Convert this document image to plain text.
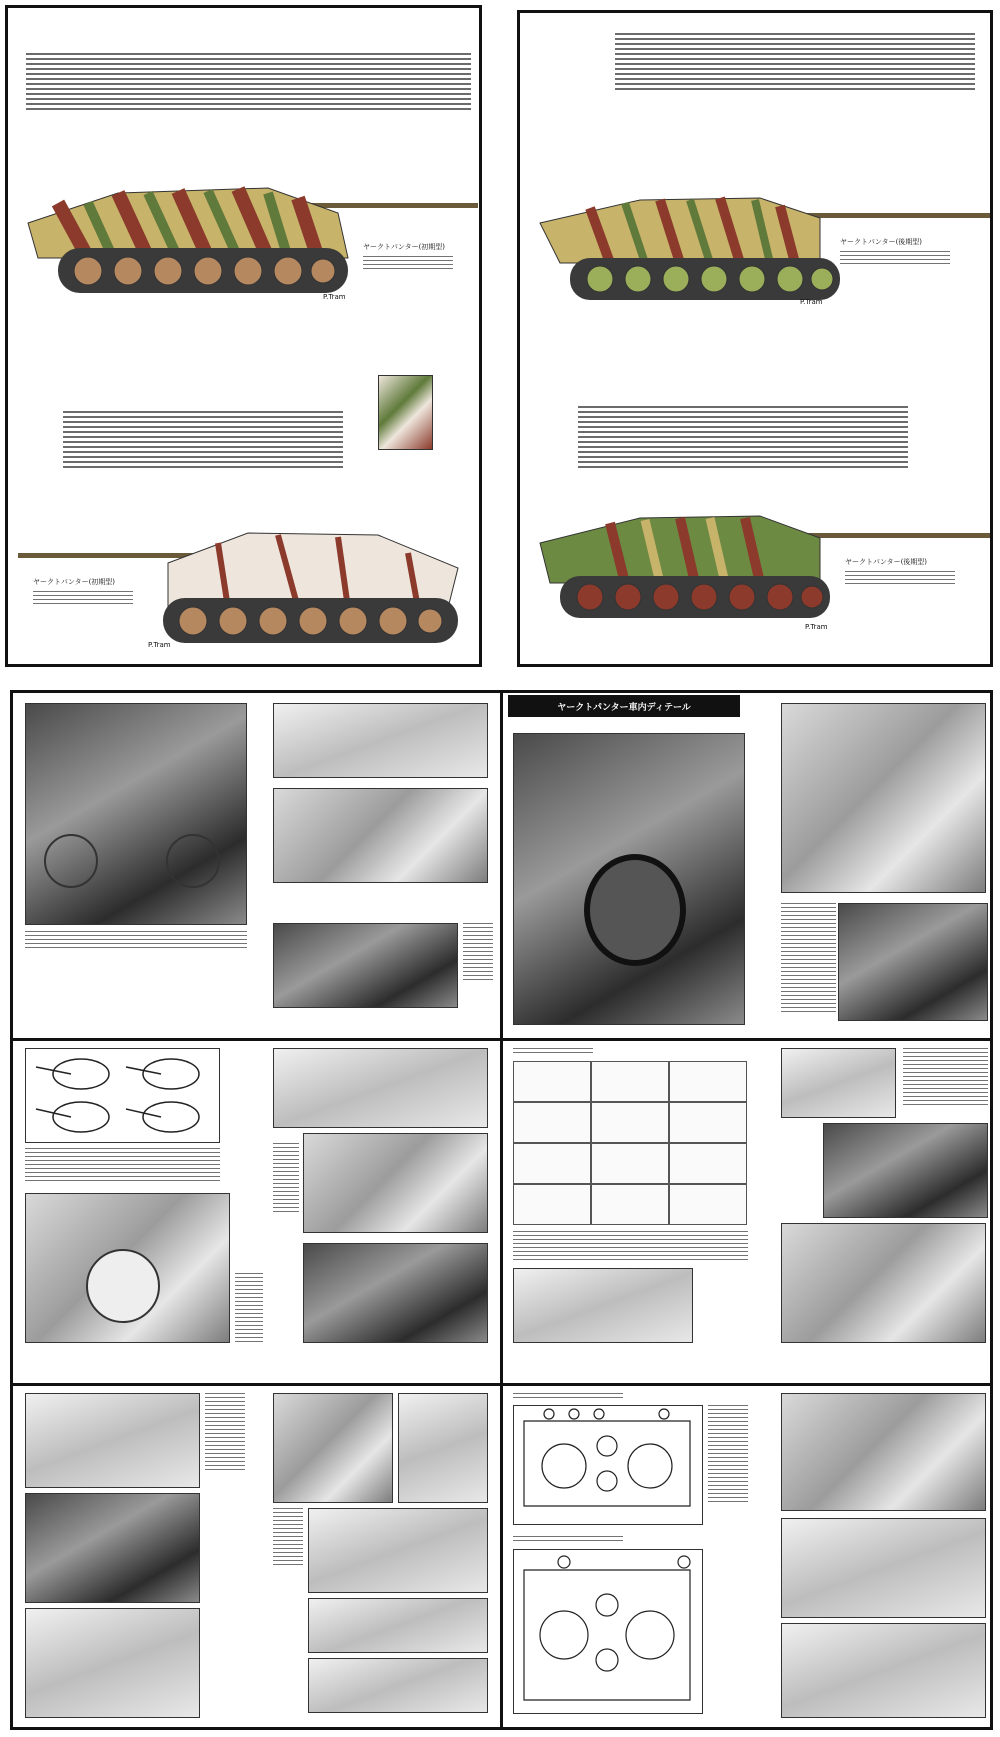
ヤークトパンター(初期型)
P.Tram
ヤークトパンター(初期型)
P.Tram
ヤークトパンター(後期型)
P.Tram
ヤークトパンター(後期型)
P.Tram
ヤークトパンター車内ディテール
